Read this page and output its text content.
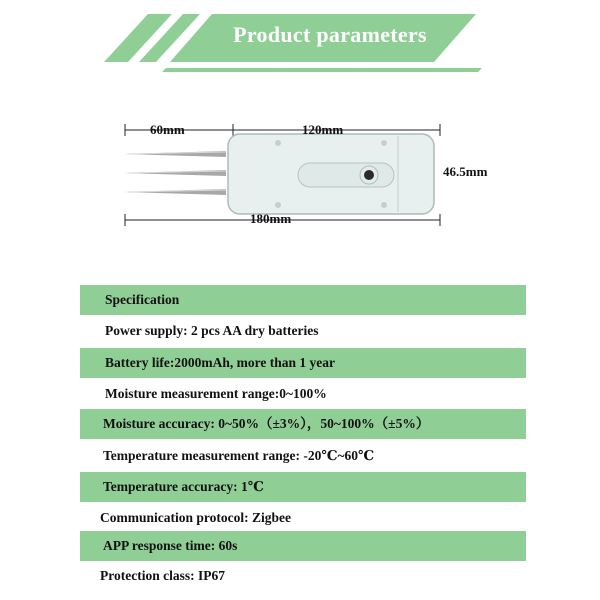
Product parameters
60mm	120mm
46.5mm
180mm
Specification
Power supply: 2 pcs AA dry batteries
Battery life:2000mAh, more than 1 year
Moisture measurement range:0~100%
Moisture accuracy: 0~50%（±3%），50~100%（±5%）
Temperature measurement range: -20℃~60℃
Temperature accuracy: 1℃
Communication protocol: Zigbee
APP response time: 60s
Protection class: IP67
